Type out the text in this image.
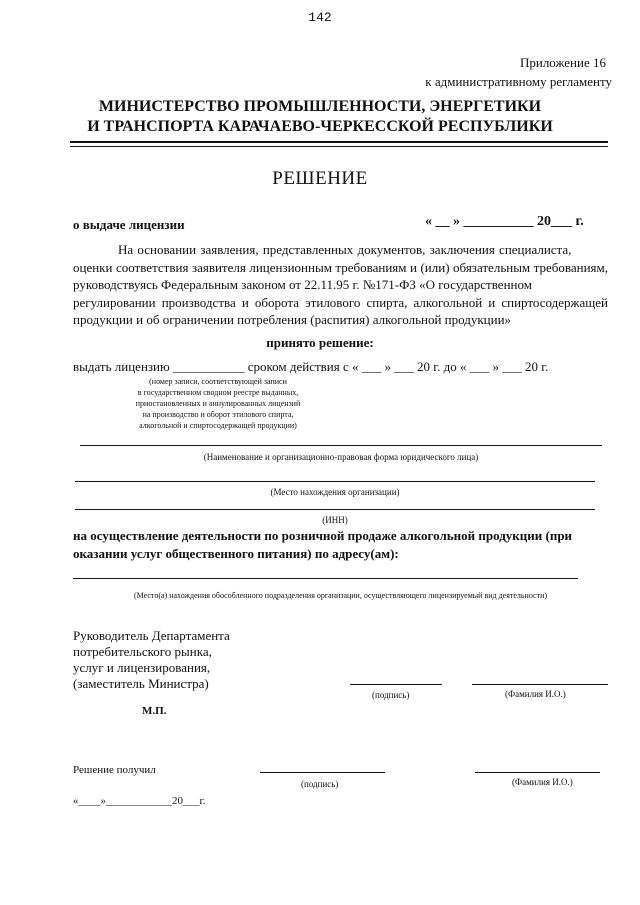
142
Приложение 16
к административному регламенту
МИНИСТЕРСТВО ПРОМЫШЛЕННОСТИ, ЭНЕРГЕТИКИ
И ТРАНСПОРТА КАРАЧАЕВО-ЧЕРКЕССКОЙ РЕСПУБЛИКИ
РЕШЕНИЕ
о выдаче лицензии	« __ » __________ 20___ г.
На основании заявления, представленных документов, заключения специалиста,
оценки соответствия заявителя лицензионным требованиям и (или) обязательным требованиям,
руководствуясь Федеральным законом от 22.11.95 г. №171-ФЗ «О государственном
регулировании производства и оборота этилового спирта, алкогольной и спиртосодержащей
продукции и об ограничении потребления (распития) алкогольной продукции»
принято решение:
выдать лицензию ___________ сроком действия с « ___ » ___ 20 г. до « ___ » ___ 20 г.
(номер записи, соответствующей записи
в государственном сводном реестре выданных,
приостановленных и аннулированных лицензий
на производство и оборот этилового спирта,
алкогольной и спиртосодержащей продукции)
(Наименование и организационно-правовая форма юридического лица)
(Место нахождения организации)
(ИНН)
на осуществление деятельности по розничной продаже алкогольной продукции (при
оказании услуг общественного питания) по адресу(ам):
(Место(а) нахождения обособленного подразделения организации, осуществляющего лицензируемый вид деятельности)
Руководитель Департамента
потребительского рынка,
услуг и лицензирования,
(заместитель Министра)
(подпись)	(Фамилия И.О.)
М.П.
Решение получил
(подпись)	(Фамилия И.О.)
«____»____________20___г.
